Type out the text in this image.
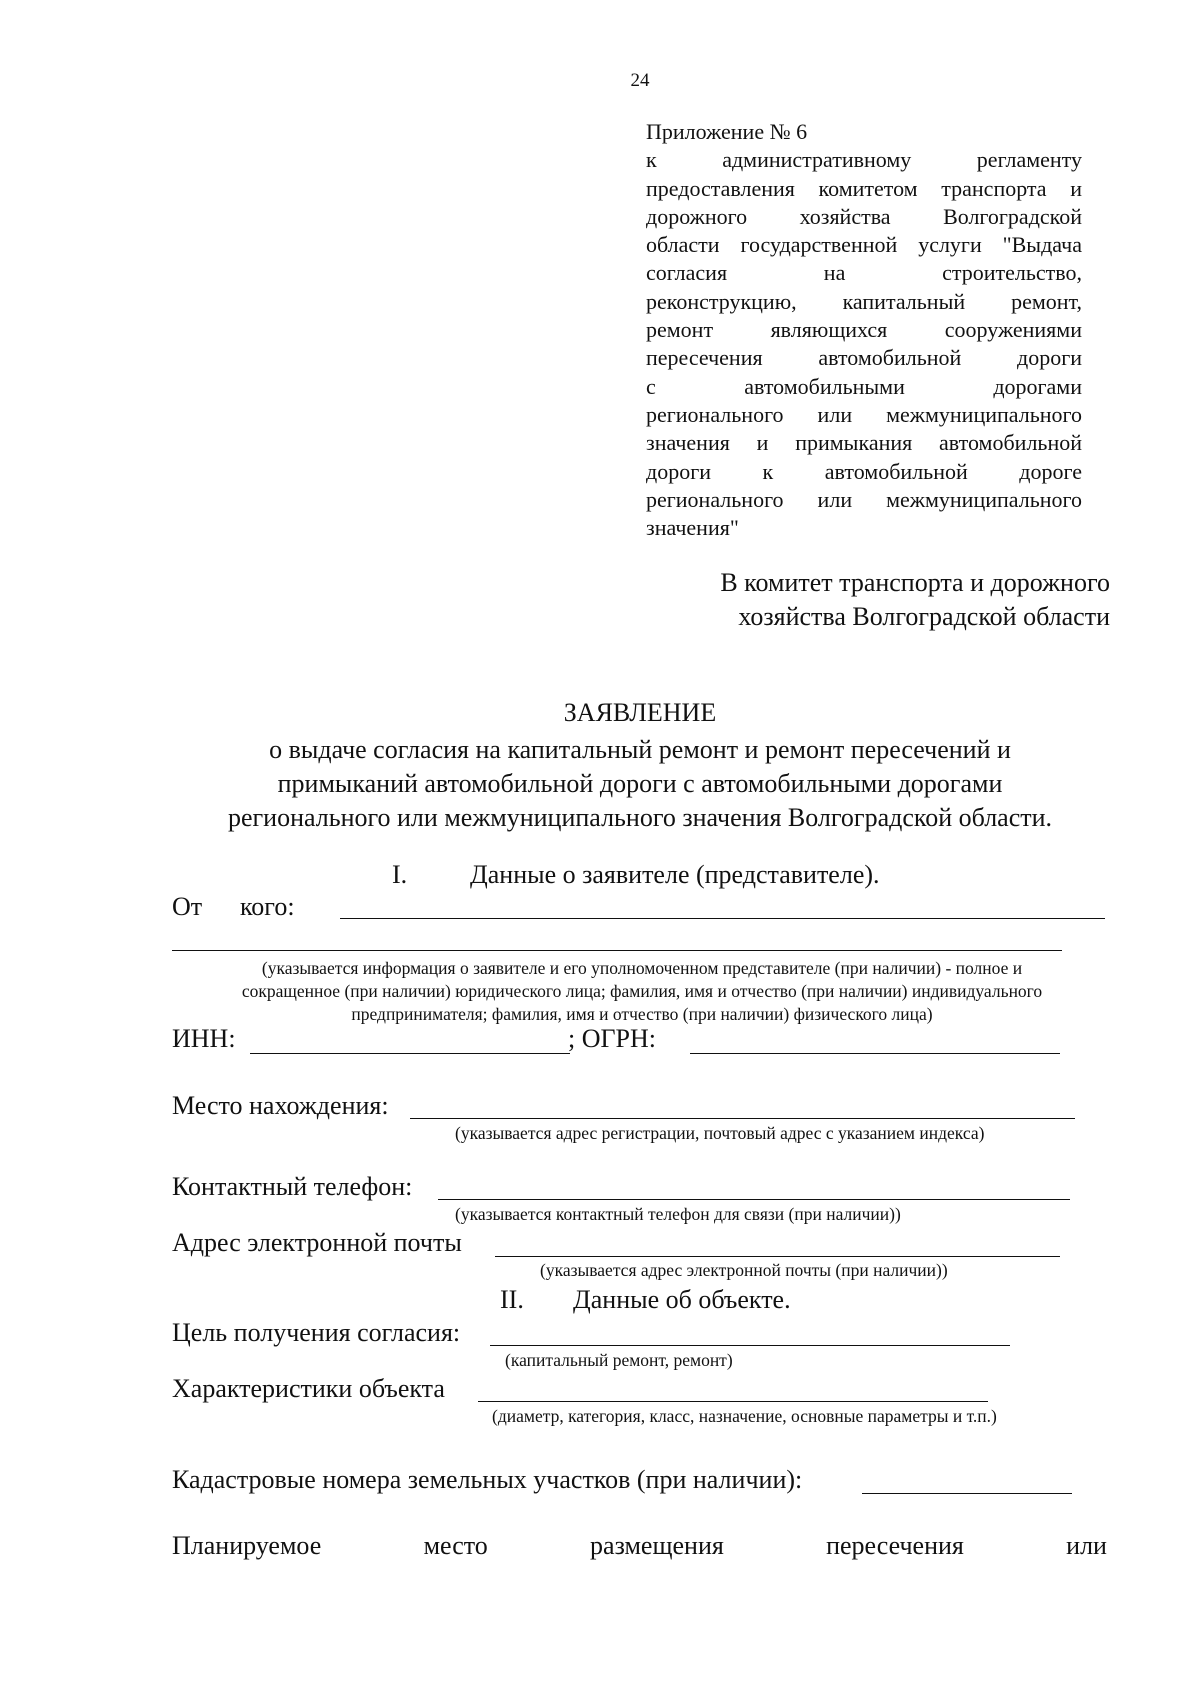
24
Приложение № 6
к административному регламенту
предоставления комитетом транспорта и
дорожного хозяйства Волгоградской
области государственной услуги "Выдача
согласия на строительство,
реконструкцию, капитальный ремонт,
ремонт являющихся сооружениями
пересечения автомобильной дороги
с автомобильными дорогами
регионального или межмуниципального
значения и примыкания автомобильной
дороги к автомобильной дороге
регионального или межмуниципального
значения"
В комитет транспорта и дорожного
хозяйства Волгоградской области
ЗАЯВЛЕНИЕ
о выдаче согласия на капитальный ремонт и ремонт пересечений и
примыканий автомобильной дороги с автомобильными дорогами
регионального или межмуниципального значения Волгоградской области.
I. Данные о заявителе (представителе).
От кого:
(указывается информация о заявителе и его уполномоченном представителе (при наличии) - полное и
сокращенное (при наличии) юридического лица; фамилия, имя и отчество (при наличии) индивидуального
предпринимателя; фамилия, имя и отчество (при наличии) физического лица)
ИНН:	; ОГРН:
Место нахождения:
(указывается адрес регистрации, почтовый адрес с указанием индекса)
Контактный телефон:
(указывается контактный телефон для связи (при наличии))
Адрес электронной почты
(указывается адрес электронной почты (при наличии))
II. Данные об объекте.
Цель получения согласия:
(капитальный ремонт, ремонт)
Характеристики объекта
(диаметр, категория, класс, назначение, основные параметры и т.п.)
Кадастровые номера земельных участков (при наличии):
Планируемое	место	размещения	пересечения	или
